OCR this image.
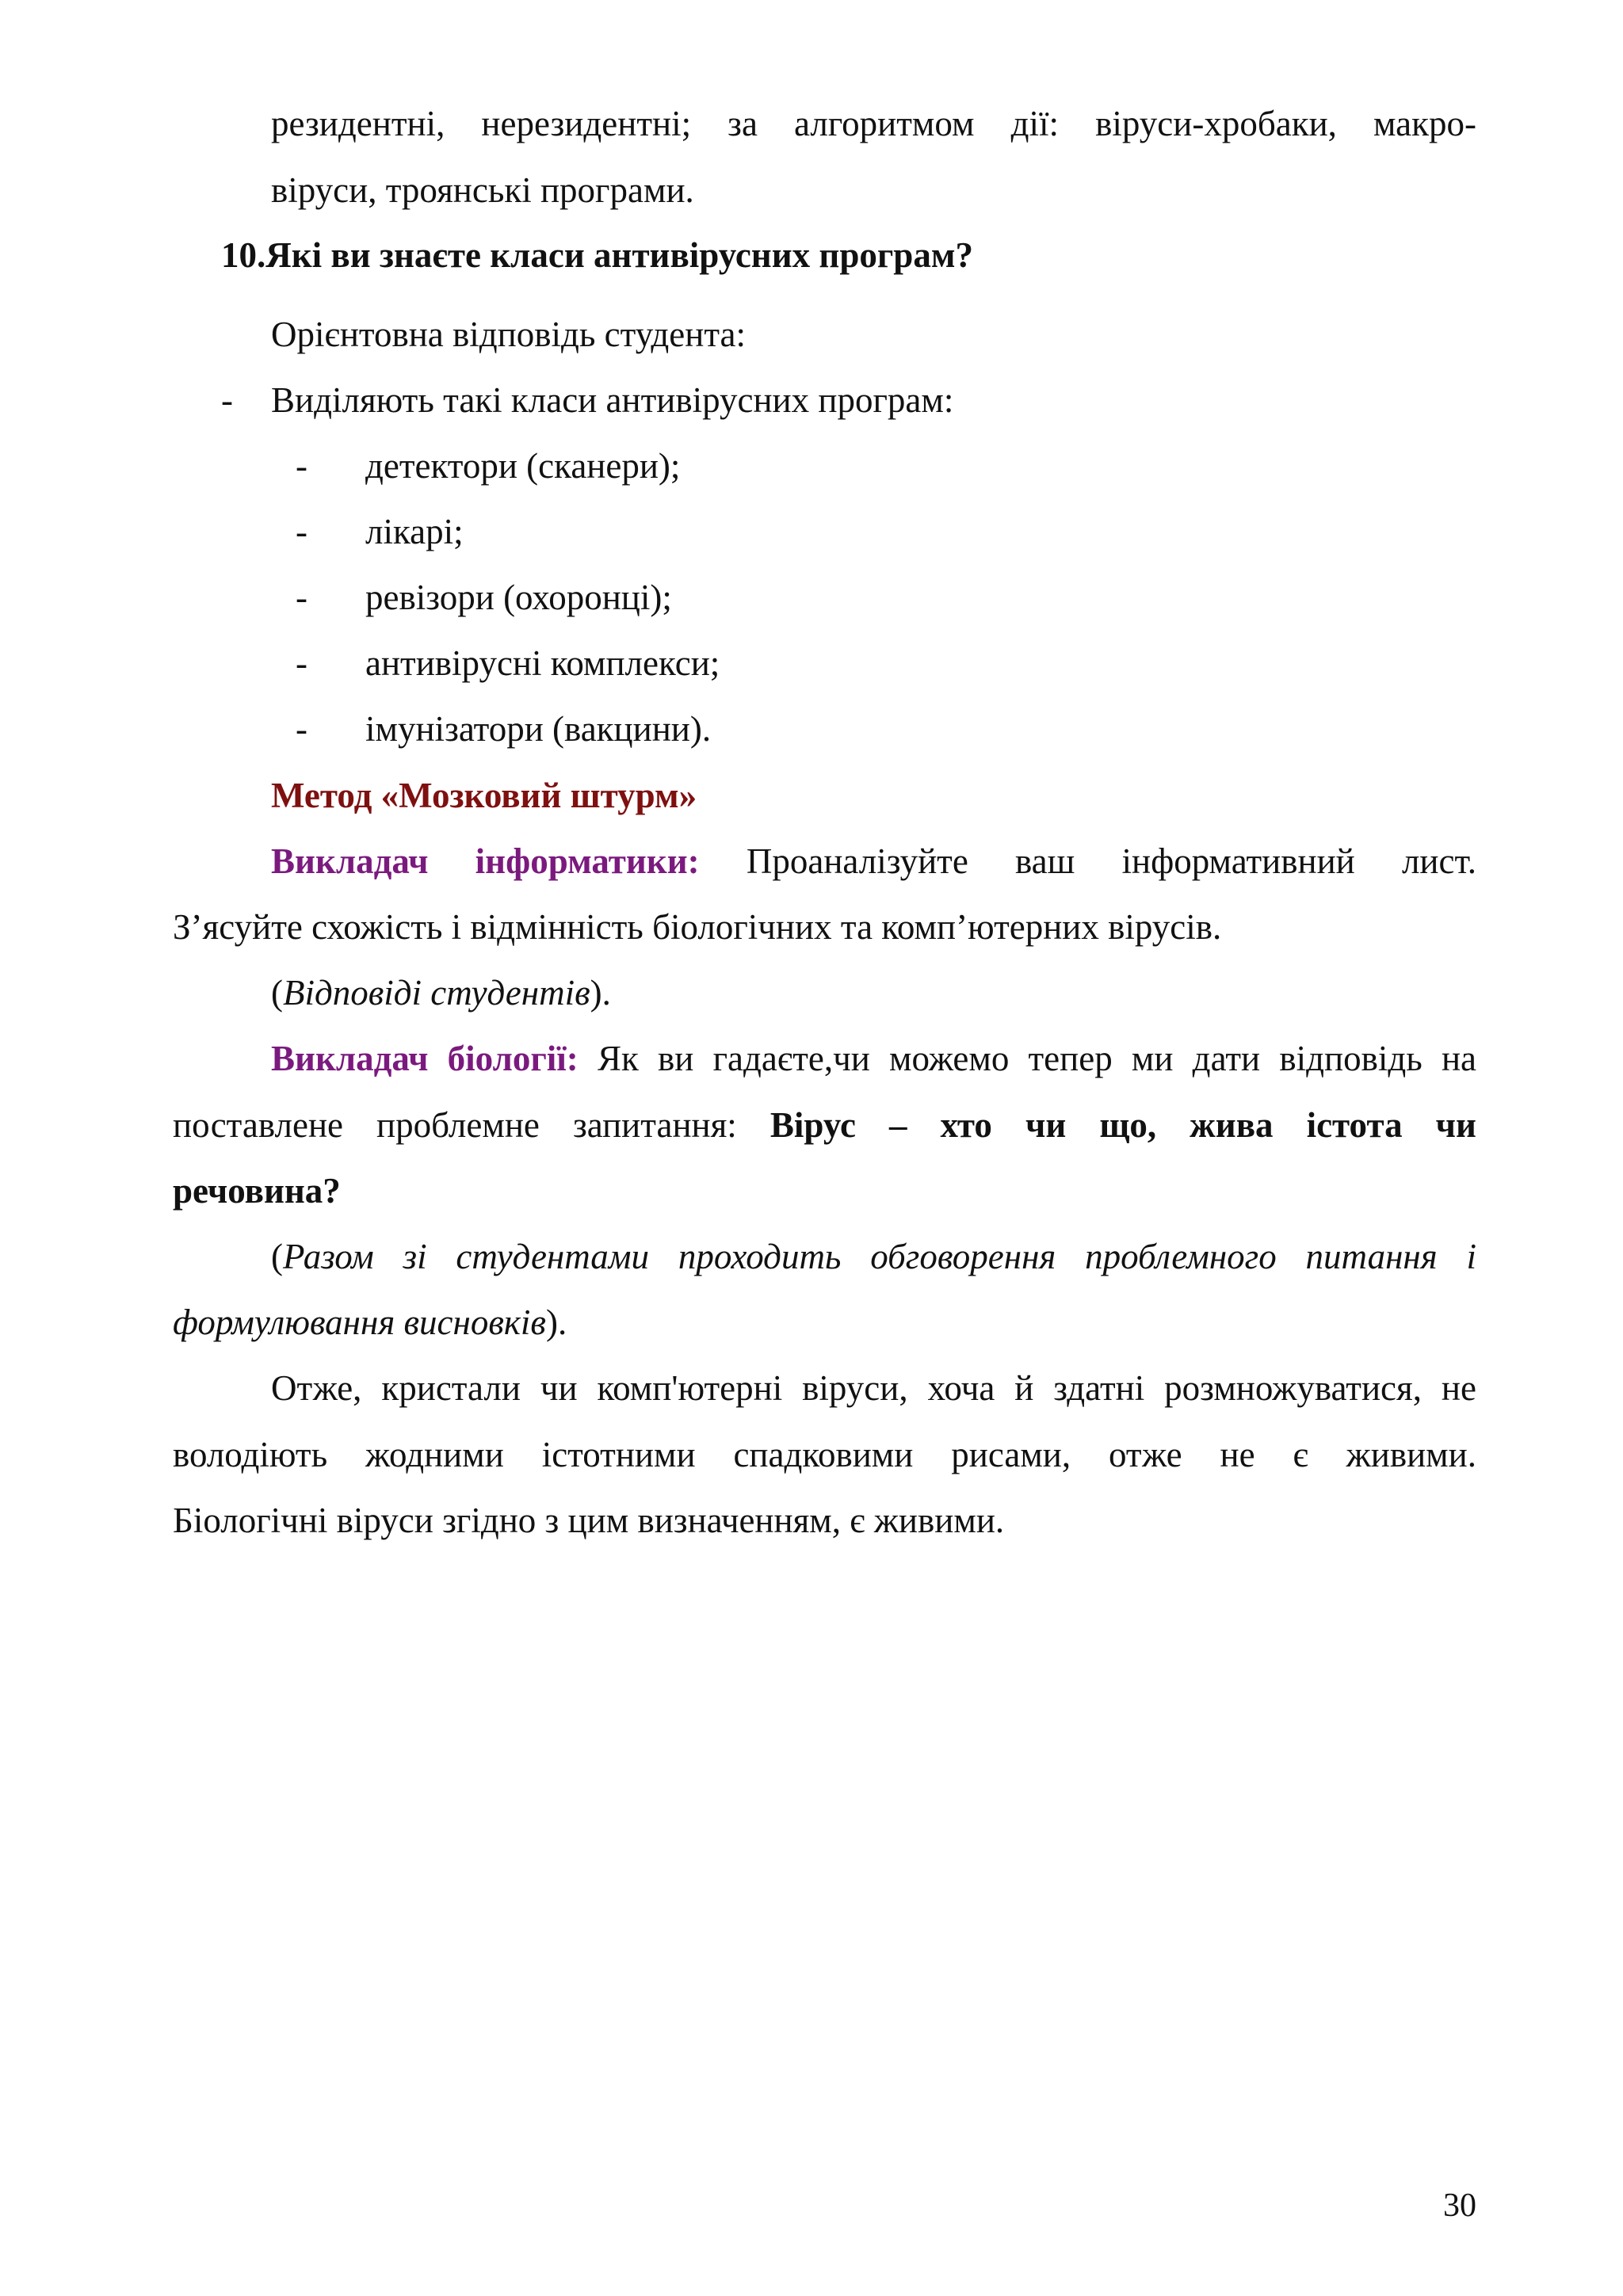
резидентні, нерезидентні; за алгоритмом дії: віруси-хробаки, макро-
віруси, троянські програми.
10.Які ви знаєте класи антивірусних програм?
Орієнтовна відповідь студента:
- Виділяють такі класи антивірусних програм:
- детектори (сканери);
- лікарі;
- ревізори (охоронці);
- антивірусні комплекси;
- імунізатори (вакцини).
Метод «Мозковий штурм»
Викладач інформатики: Проаналізуйте ваш інформативний лист.
З’ясуйте схожість і відмінність біологічних та комп’ютерних вірусів.
(Відповіді студентів).
Викладач біології: Як ви гадаєте,чи можемо тепер ми дати відповідь на
поставлене проблемне запитання: Вірус – хто чи що, жива істота чи
речовина?
(Разом зі студентами проходить обговорення проблемного питання і
формулювання висновків).
Отже, кристали чи комп'ютерні віруси, хоча й здатні розмножуватися, не
володіють жодними істотними спадковими рисами, отже не є живими.
Біологічні віруси згідно з цим визначенням, є живими.
30
